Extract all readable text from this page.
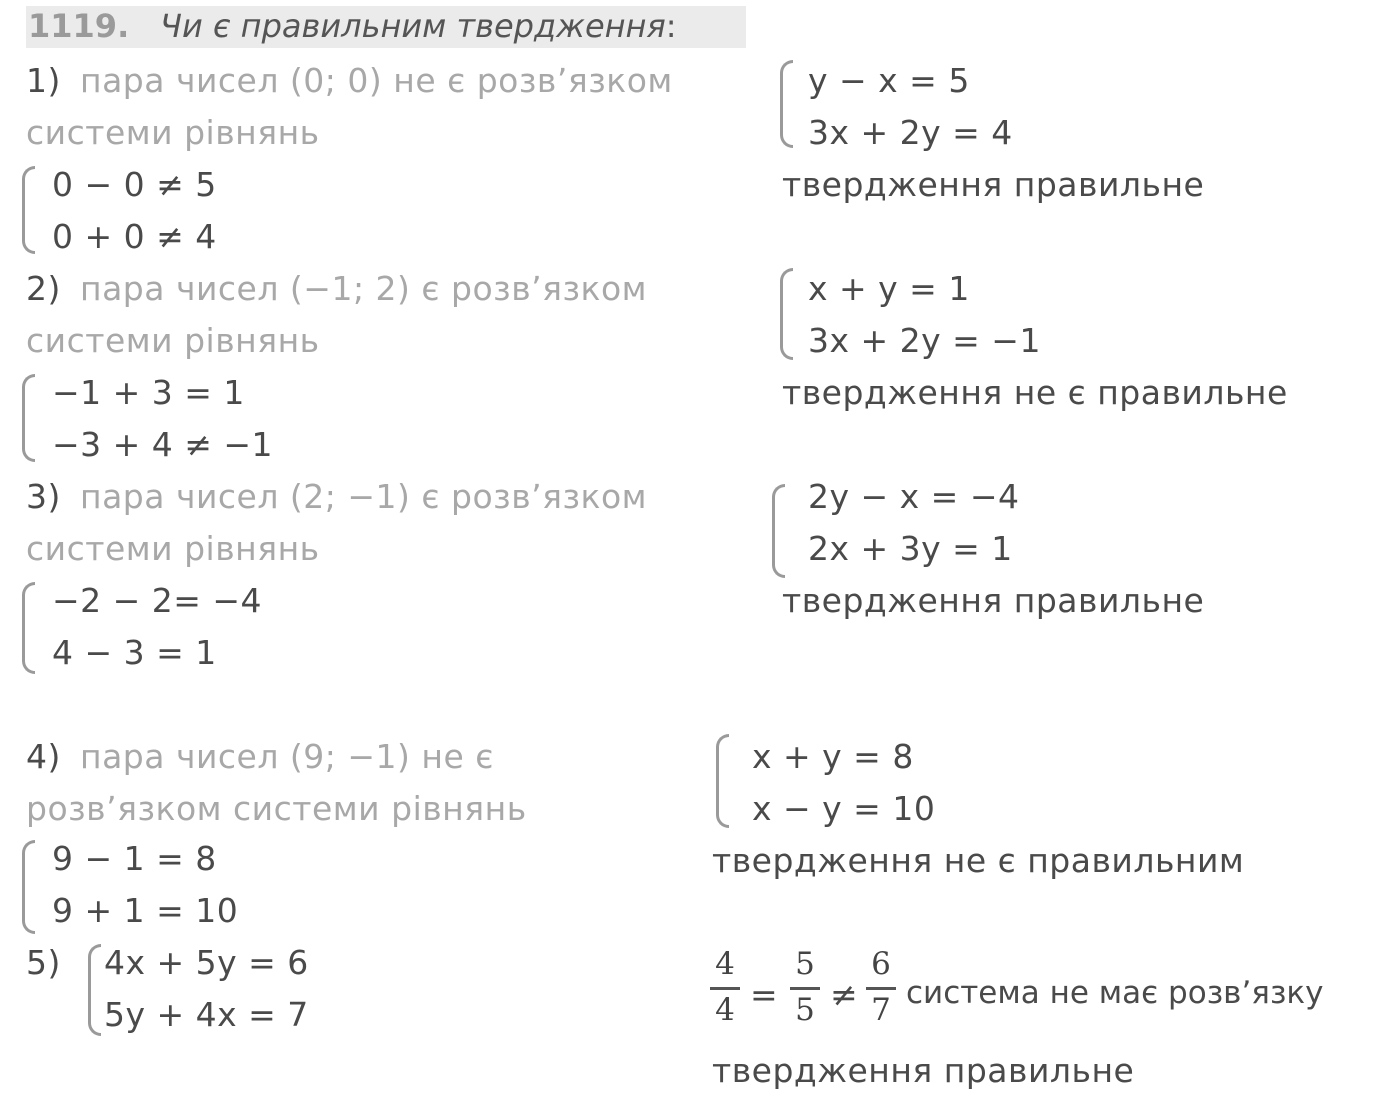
1119. Чи є правильним твердження:
1) пара чисел (0; 0) не є розв’язком
системи рівнянь
y − x = 5
3x + 2y = 4
твердження правильне
0 − 0 ≠ 5
0 + 0 ≠ 4
2) пара чисел (−1; 2) є розв’язком
системи рівнянь
x + y = 1
3x + 2y = −1
твердження не є правильне
−1 + 3 = 1
−3 + 4 ≠ −1
3) пара чисел (2; −1) є розв’язком
системи рівнянь
2y − x = −4
2x + 3y = 1
твердження правильне
−2 − 2= −4
4 − 3 = 1
4) пара чисел (9; −1) не є
розв’язком системи рівнянь
x + y = 8
x − y = 10
твердження не є правильним
9 − 1 = 8
9 + 1 = 10
5) 4x + 5y = 6
5y + 4x = 7
4
4 =
5
5 ≠
6
7 система не має розв’язку
твердження правильне
